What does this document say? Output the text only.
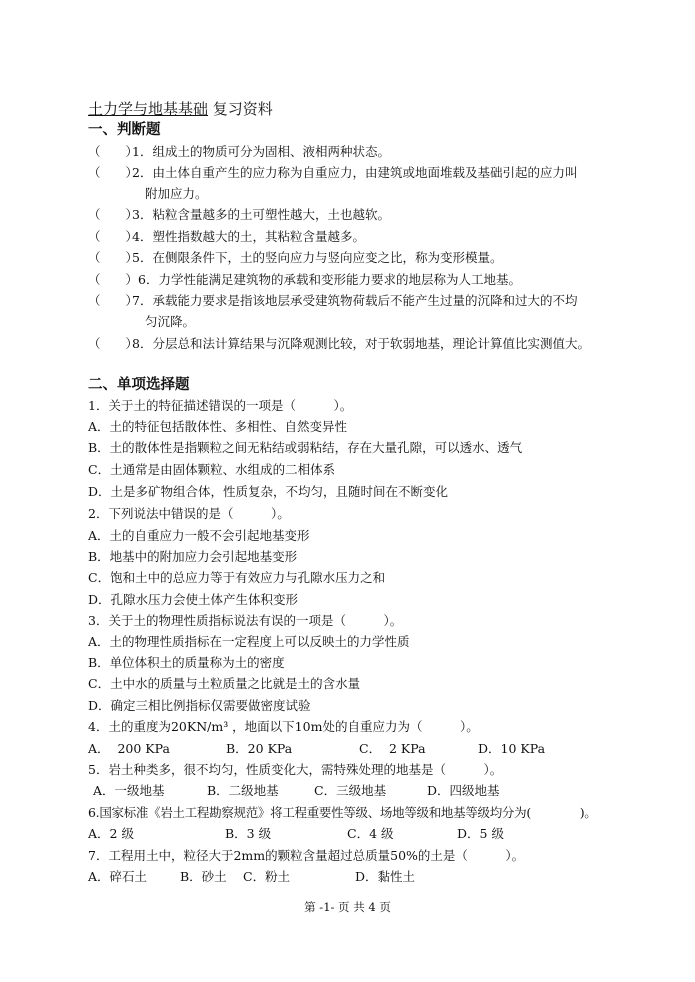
土力学与地基基础 复习资料
一、判断题
（　　）1．组成土的物质可分为固相、液相两种状态。
（　　）2．由土体自重产生的应力称为自重应力，由建筑或地面堆载及基础引起的应力叫
附加应力。
（　　）3．粘粒含量越多的土可塑性越大，土也越软。
（　　）4．塑性指数越大的土，其粘粒含量越多。
（　　）5．在侧限条件下，土的竖向应力与竖向应变之比，称为变形模量。
（　　）6．力学性能满足建筑物的承载和变形能力要求的地层称为人工地基。
（　　）7．承载能力要求是指该地层承受建筑物荷载后不能产生过量的沉降和过大的不均
匀沉降。
（　　）8．分层总和法计算结果与沉降观测比较，对于软弱地基，理论计算值比实测值大。
二、单项选择题
1．关于土的特征描述错误的一项是（　　　）。
A．土的特征包括散体性、多相性、自然变异性
B．土的散体性是指颗粒之间无粘结或弱粘结，存在大量孔隙，可以透水、透气
C．土通常是由固体颗粒、水组成的二相体系
D．土是多矿物组合体，性质复杂，不均匀，且随时间在不断变化
2．下列说法中错误的是（　　　）。
A．土的自重应力一般不会引起地基变形
B．地基中的附加应力会引起地基变形
C．饱和土中的总应力等于有效应力与孔隙水压力之和
D．孔隙水压力会使土体产生体积变形
3．关于土的物理性质指标说法有误的一项是（　　　）。
A．土的物理性质指标在一定程度上可以反映土的力学性质
B．单位体积土的质量称为土的密度
C．土中水的质量与土粒质量之比就是土的含水量
D．确定三相比例指标仅需要做密度试验
4．土的重度为20KN/m³ ，地面以下10m处的自重应力为（　　　）。
A．  200 KPa	B．20 KPa	C．  2 KPa	D．10 KPa
5．岩土种类多，很不均匀，性质变化大，需特殊处理的地基是（　　　）。
A．一级地基	B．二级地基	C．三级地基	D．四级地基
6.国家标准《岩土工程勘察规范》将工程重要性等级、场地等级和地基等级均分为(　　　　)。
A．2 级	B．3 级	C．4 级	D．5 级
7．工程用土中，粒径大于2mm的颗粒含量超过总质量50%的土是（　　　）。
A．碎石土	B．砂土 C．粉土	D．黏性土
第 -1- 页 共 4 页
